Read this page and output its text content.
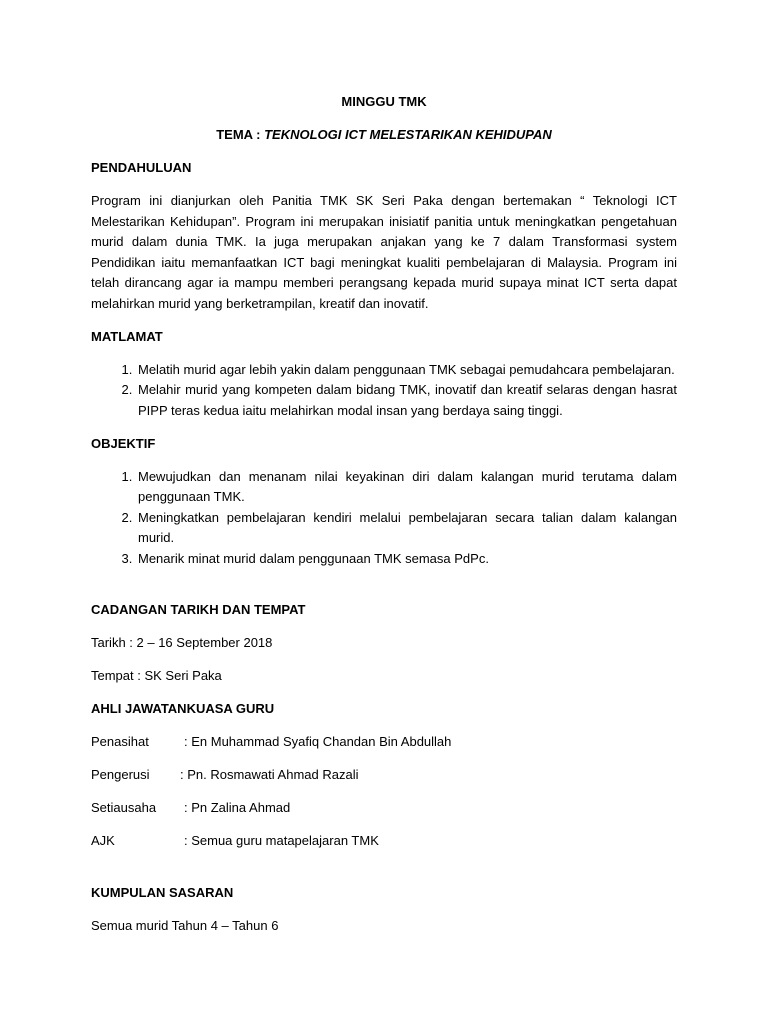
MINGGU TMK

TEMA : TEKNOLOGI ICT MELESTARIKAN KEHIDUPAN

PENDAHULUAN

Program ini dianjurkan oleh Panitia TMK SK Seri Paka dengan bertemakan “ Teknologi ICT Melestarikan Kehidupan”. Program ini merupakan inisiatif panitia untuk meningkatkan pengetahuan murid dalam dunia TMK. Ia juga merupakan anjakan yang ke 7 dalam Transformasi system Pendidikan iaitu memanfaatkan ICT bagi meningkat kualiti pembelajaran di Malaysia. Program ini telah dirancang agar ia mampu memberi perangsang kepada murid supaya minat ICT serta dapat melahirkan murid yang berketrampilan, kreatif dan inovatif.

MATLAMAT

1. Melatih murid agar lebih yakin dalam penggunaan TMK sebagai pemudahcara pembelajaran.
2. Melahir murid yang kompeten dalam bidang TMK, inovatif dan kreatif selaras dengan hasrat PIPP teras kedua iaitu melahirkan modal insan yang berdaya saing tinggi.

OBJEKTIF

1. Mewujudkan dan menanam nilai keyakinan diri dalam kalangan murid terutama dalam penggunaan TMK.
2. Meningkatkan pembelajaran kendiri melalui pembelajaran secara talian dalam kalangan murid.
3. Menarik minat murid dalam penggunaan TMK semasa PdPc.

CADANGAN TARIKH DAN TEMPAT

Tarikh : 2 – 16 September 2018

Tempat : SK Seri Paka

AHLI JAWATANKUASA GURU

Penasihat	: En Muhammad Syafiq Chandan Bin Abdullah
Pengerusi	: Pn. Rosmawati Ahmad Razali
Setiausaha	: Pn Zalina Ahmad
AJK	: Semua guru matapelajaran TMK

KUMPULAN SASARAN

Semua murid Tahun 4 – Tahun 6
